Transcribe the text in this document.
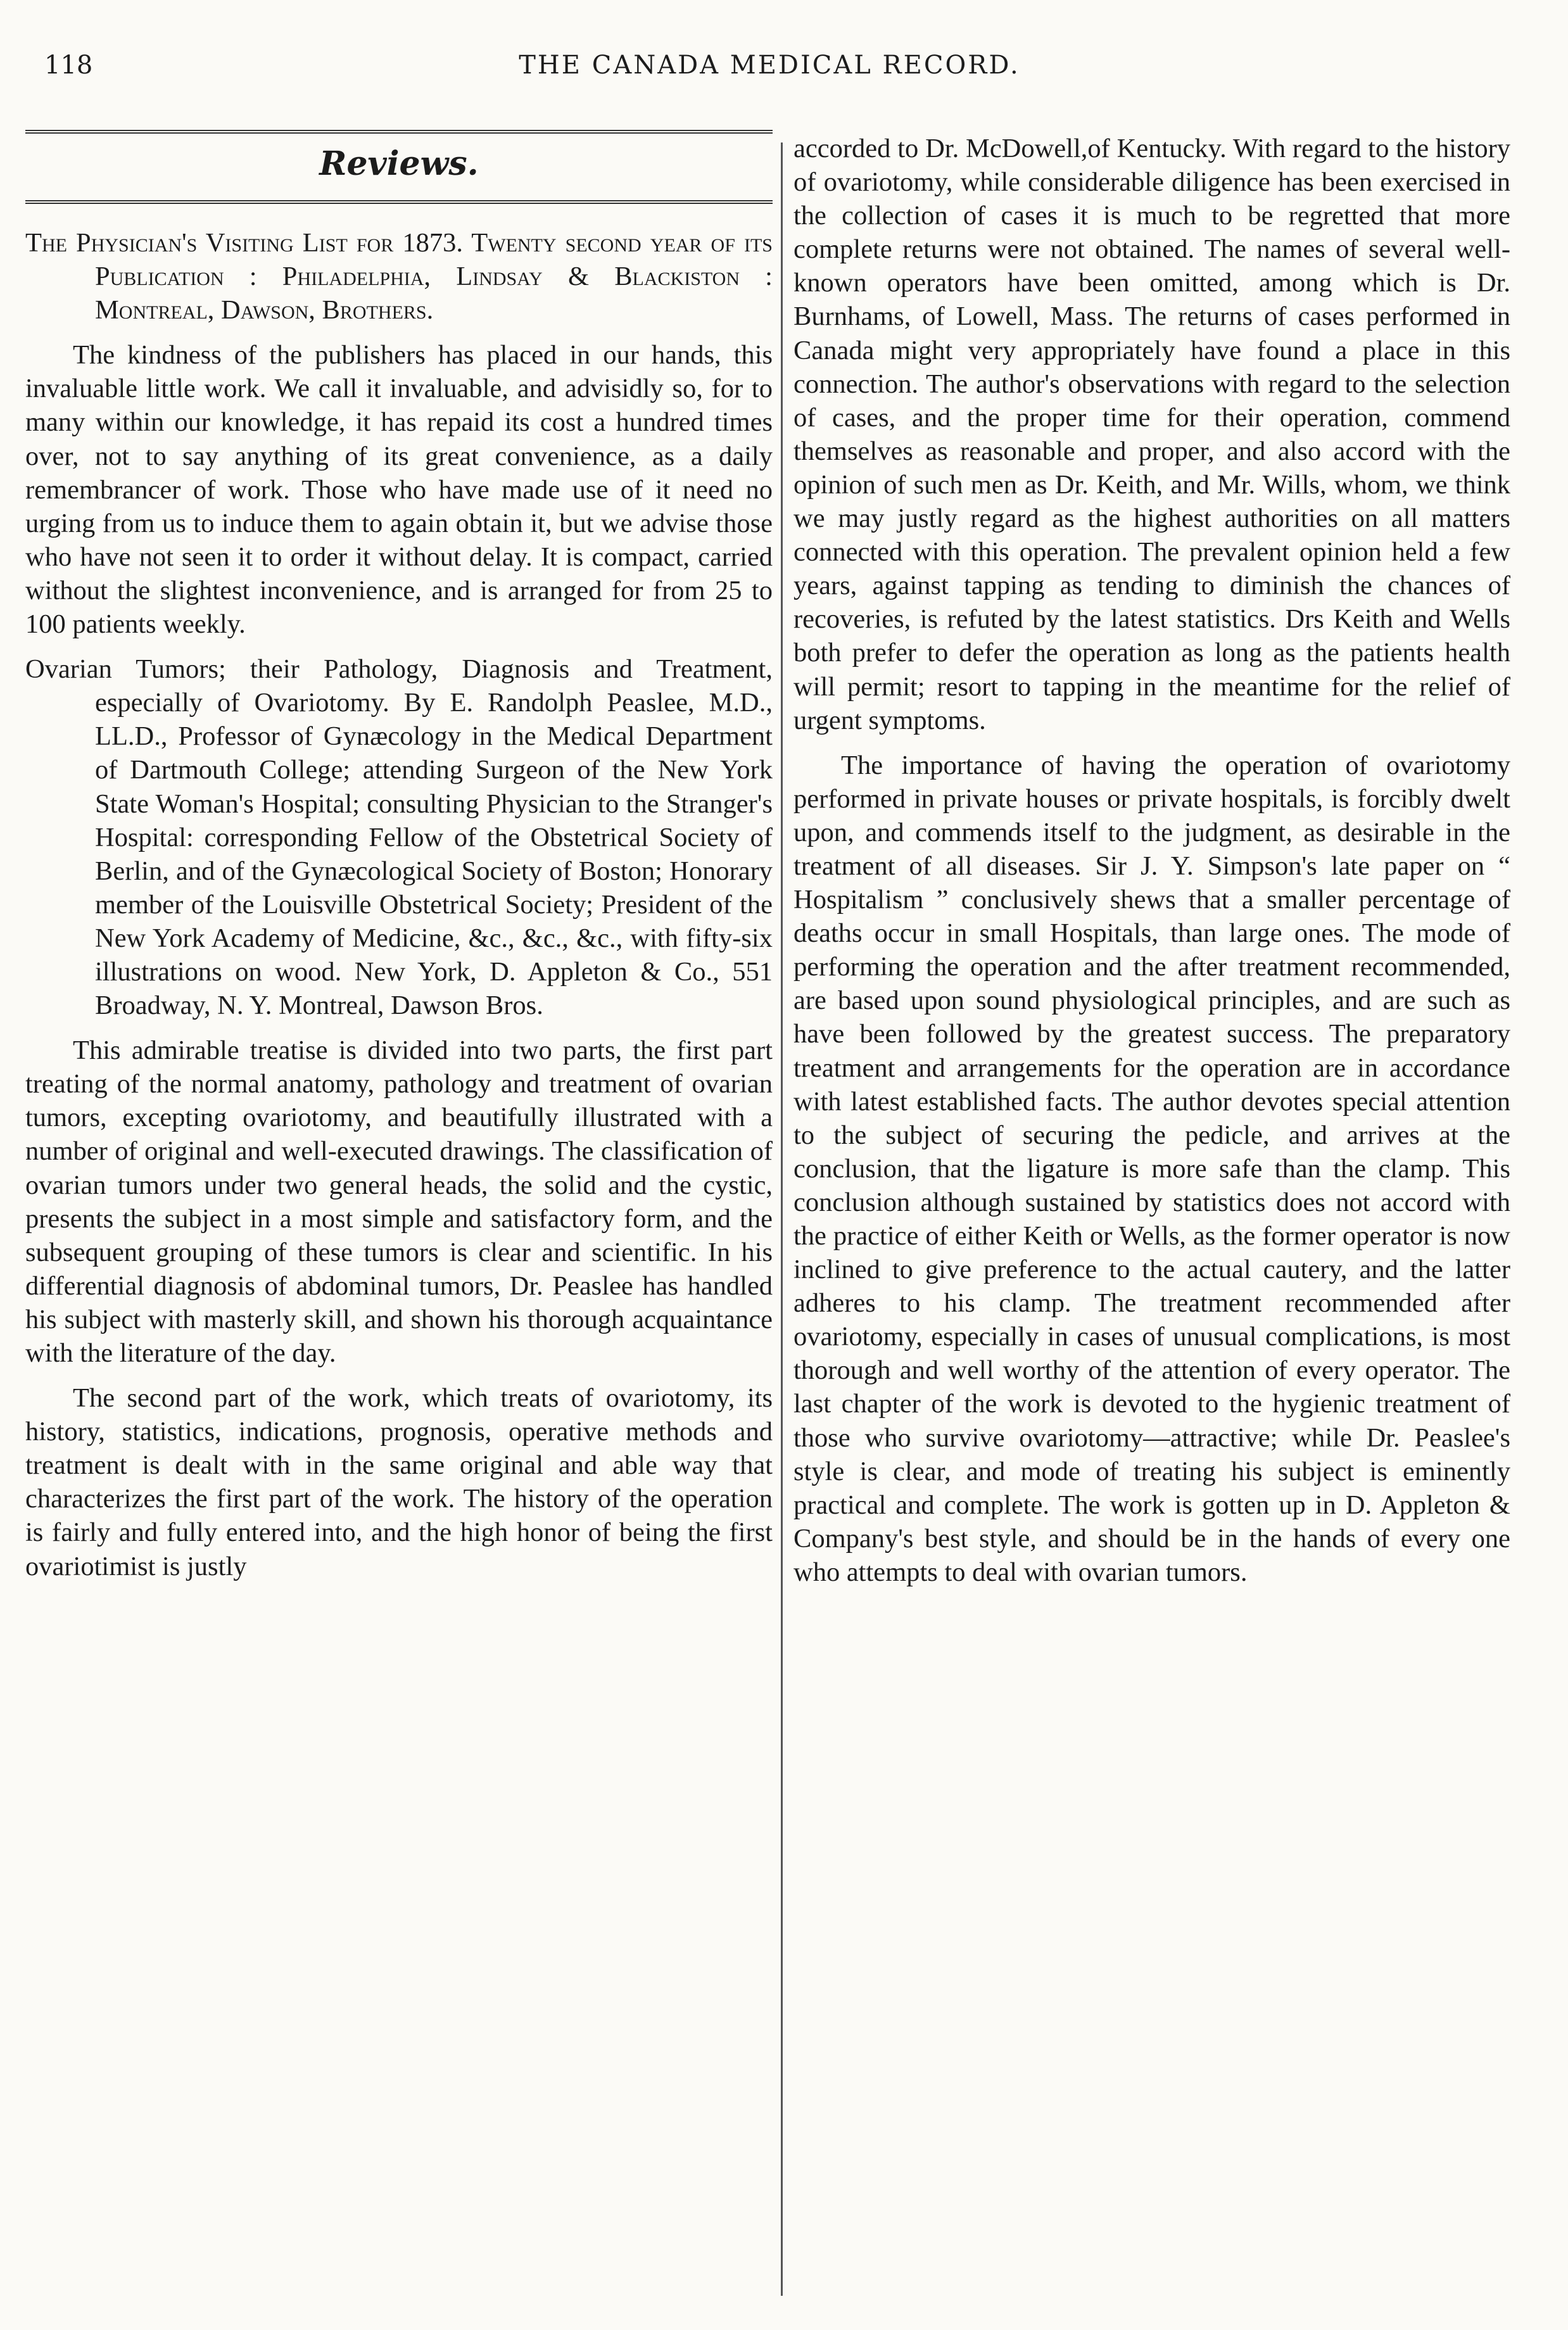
118	THE CANADA MEDICAL RECORD.
Reviews.

The Physician's Visiting List for 1873. Twenty second year of its Publication : Philadelphia, Lindsay & Blackiston : Montreal, Dawson, Brothers.

The kindness of the publishers has placed in our hands, this invaluable little work. We call it invaluable, and advisidly so, for to many within our knowledge, it has repaid its cost a hundred times over, not to say anything of its great convenience, as a daily remembrancer of work. Those who have made use of it need no urging from us to induce them to again obtain it, but we advise those who have not seen it to order it without delay. It is compact, carried without the slightest inconvenience, and is arranged for from 25 to 100 patients weekly.

Ovarian Tumors; their Pathology, Diagnosis and Treatment, especially of Ovariotomy. By E. Randolph Peaslee, M.D., LL.D., Professor of Gynæcology in the Medical Department of Dartmouth College; attending Surgeon of the New York State Woman's Hospital; consulting Physician to the Stranger's Hospital: corresponding Fellow of the Obstetrical Society of Berlin, and of the Gynæcological Society of Boston; Honorary member of the Louisville Obstetrical Society; President of the New York Academy of Medicine, &c., &c., &c., with fifty-six illustrations on wood. New York, D. Appleton & Co., 551 Broadway, N. Y. Montreal, Dawson Bros.

This admirable treatise is divided into two parts, the first part treating of the normal anatomy, pathology and treatment of ovarian tumors, excepting ovariotomy, and beautifully illustrated with a number of original and well-executed drawings. The classification of ovarian tumors under two general heads, the solid and the cystic, presents the subject in a most simple and satisfactory form, and the subsequent grouping of these tumors is clear and scientific. In his differential diagnosis of abdominal tumors, Dr. Peaslee has handled his subject with masterly skill, and shown his thorough acquaintance with the literature of the day.

The second part of the work, which treats of ovariotomy, its history, statistics, indications, prognosis, operative methods and treatment is dealt with in the same original and able way that characterizes the first part of the work. The history of the operation is fairly and fully entered into, and the high honor of being the first ovariotimist is justly

accorded to Dr. McDowell,of Kentucky. With regard to the history of ovariotomy, while considerable diligence has been exercised in the collection of cases it is much to be regretted that more complete returns were not obtained. The names of several well-known operators have been omitted, among which is Dr. Burnhams, of Lowell, Mass. The returns of cases performed in Canada might very appropriately have found a place in this connection. The author's observations with regard to the selection of cases, and the proper time for their operation, commend themselves as reasonable and proper, and also accord with the opinion of such men as Dr. Keith, and Mr. Wills, whom, we think we may justly regard as the highest authorities on all matters connected with this operation. The prevalent opinion held a few years, against tapping as tending to diminish the chances of recoveries, is refuted by the latest statistics. Drs Keith and Wells both prefer to defer the operation as long as the patients health will permit; resort to tapping in the meantime for the relief of urgent symptoms.

The importance of having the operation of ovariotomy performed in private houses or private hospitals, is forcibly dwelt upon, and commends itself to the judgment, as desirable in the treatment of all diseases. Sir J. Y. Simpson's late paper on “ Hospitalism ” conclusively shews that a smaller percentage of deaths occur in small Hospitals, than large ones. The mode of performing the operation and the after treatment recommended, are based upon sound physiological principles, and are such as have been followed by the greatest success. The preparatory treatment and arrangements for the operation are in accordance with latest established facts. The author devotes special attention to the subject of securing the pedicle, and arrives at the conclusion, that the ligature is more safe than the clamp. This conclusion although sustained by statistics does not accord with the practice of either Keith or Wells, as the former operator is now inclined to give preference to the actual cautery, and the latter adheres to his clamp. The treatment recommended after ovariotomy, especially in cases of unusual complications, is most thorough and well worthy of the attention of every operator. The last chapter of the work is devoted to the hygienic treatment of those who survive ovariotomy—attractive; while Dr. Peaslee's style is clear, and mode of treating his subject is eminently practical and complete. The work is gotten up in D. Appleton & Company's best style, and should be in the hands of every one who attempts to deal with ovarian tumors.
